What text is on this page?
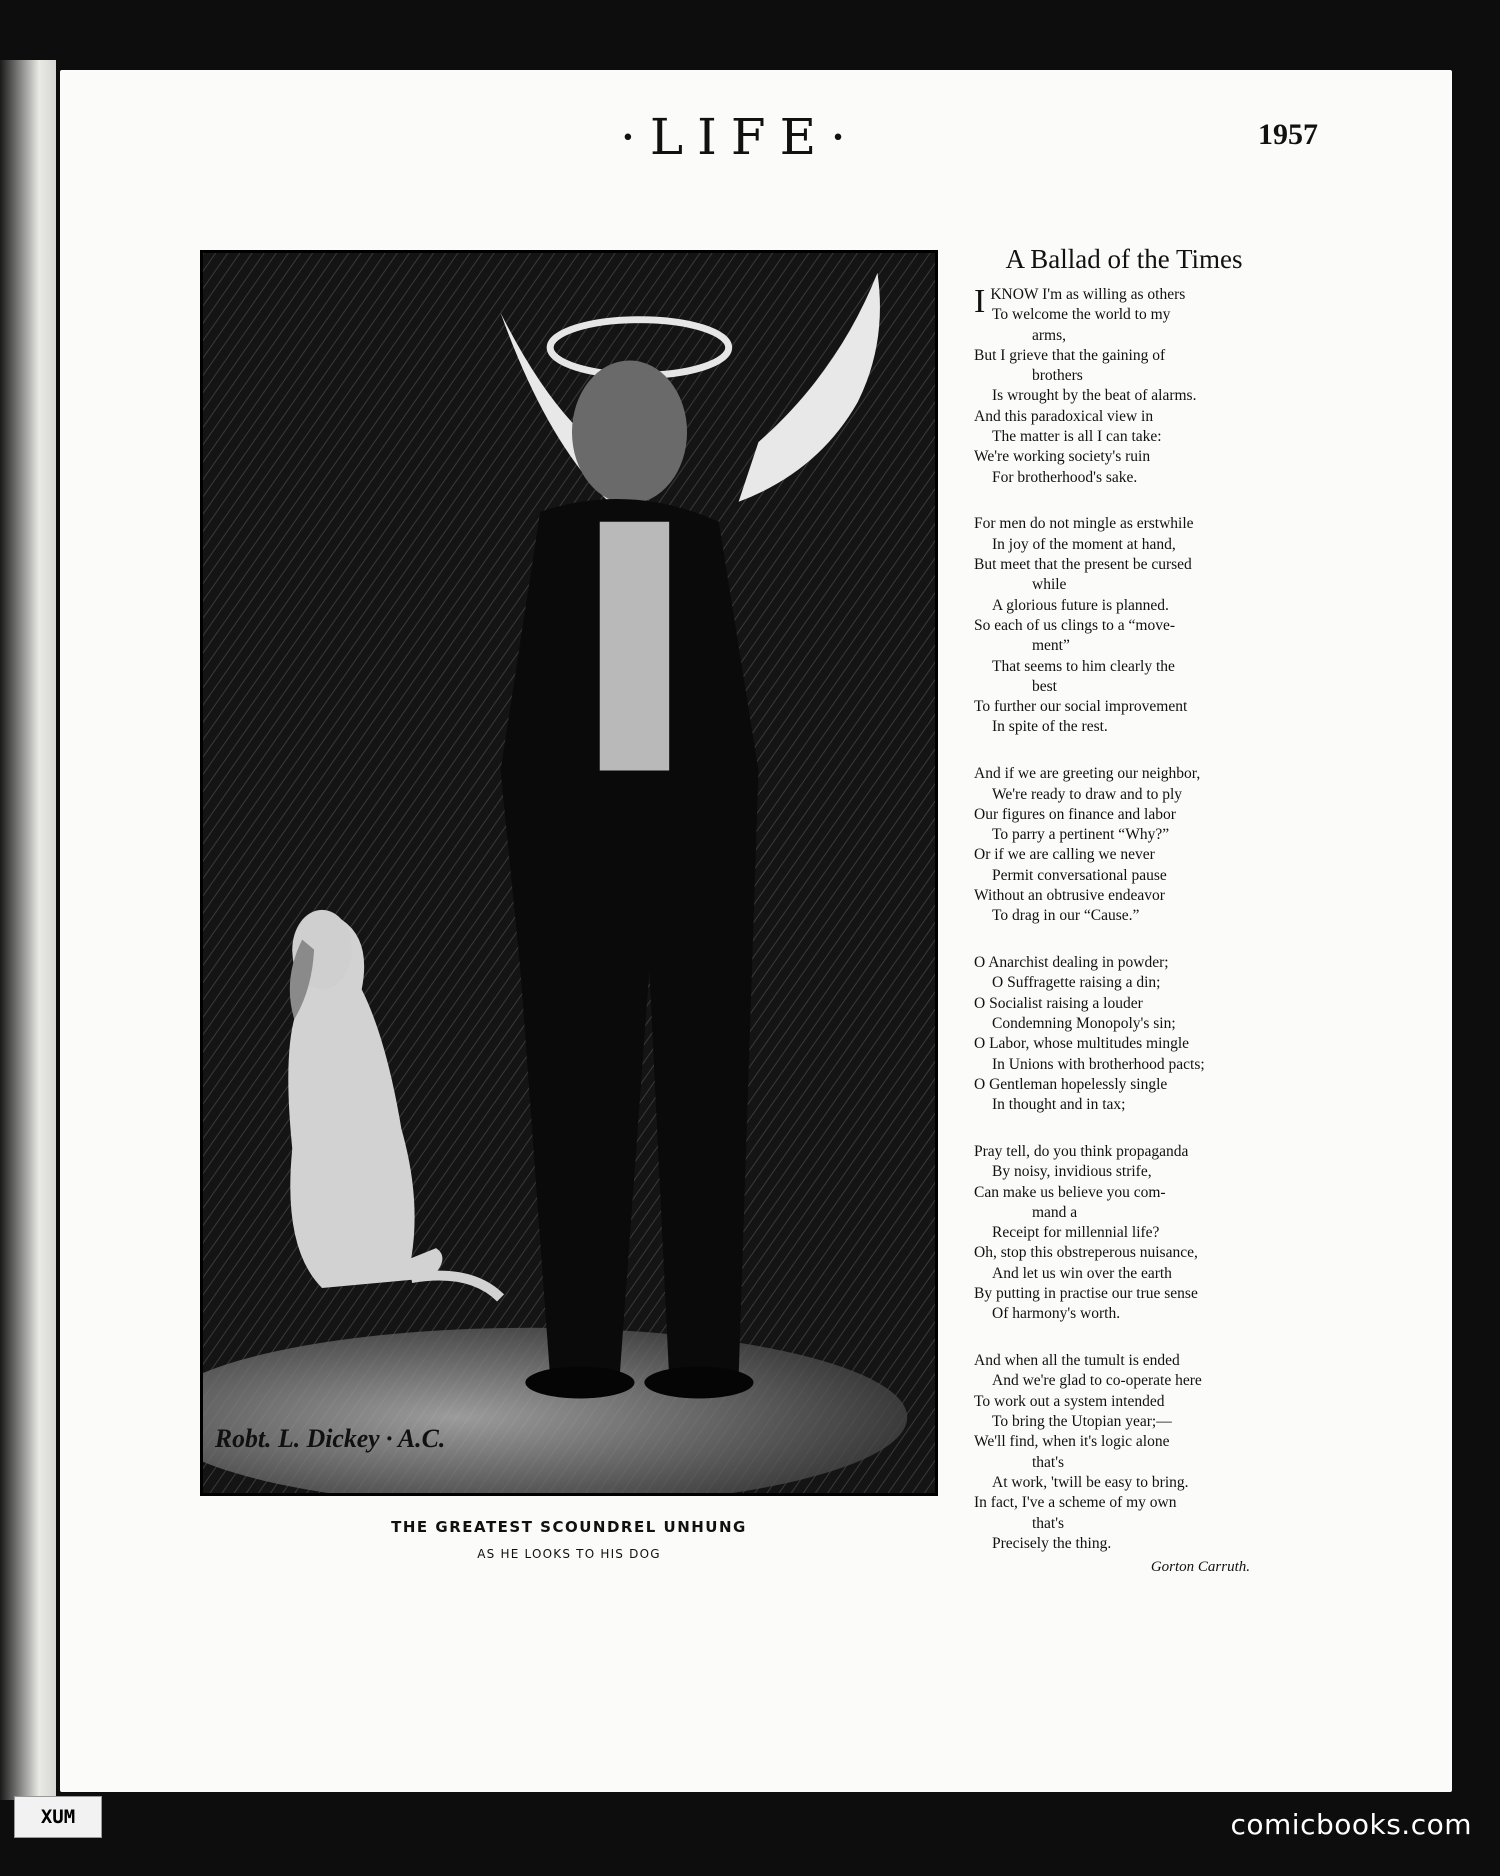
·LIFE·	1957
Robt. L. Dickey · A.C.
THE GREATEST SCOUNDREL UNHUNG
AS HE LOOKS TO HIS DOG
A Ballad of the Times
IKNOW I'm as willing as others
To welcome the world to my
arms,
But I grieve that the gaining of
brothers
Is wrought by the beat of alarms.
And this paradoxical view in
The matter is all I can take:
We're working society's ruin
For brotherhood's sake.
For men do not mingle as erstwhile
In joy of the moment at hand,
But meet that the present be cursed
while
A glorious future is planned.
So each of us clings to a “move-
ment”
That seems to him clearly the
best
To further our social improvement
In spite of the rest.
And if we are greeting our neighbor,
We're ready to draw and to ply
Our figures on finance and labor
To parry a pertinent “Why?”
Or if we are calling we never
Permit conversational pause
Without an obtrusive endeavor
To drag in our “Cause.”
O Anarchist dealing in powder;
O Suffragette raising a din;
O Socialist raising a louder
Condemning Monopoly's sin;
O Labor, whose multitudes mingle
In Unions with brotherhood pacts;
O Gentleman hopelessly single
In thought and in tax;
Pray tell, do you think propaganda
By noisy, invidious strife,
Can make us believe you com-
mand a
Receipt for millennial life?
Oh, stop this obstreperous nuisance,
And let us win over the earth
By putting in practise our true sense
Of harmony's worth.
And when all the tumult is ended
And we're glad to co-operate here
To work out a system intended
To bring the Utopian year;—
We'll find, when it's logic alone
that's
At work, 'twill be easy to bring.
In fact, I've a scheme of my own
that's
Precisely the thing.
Gorton Carruth.
XUM	comicbooks.com
